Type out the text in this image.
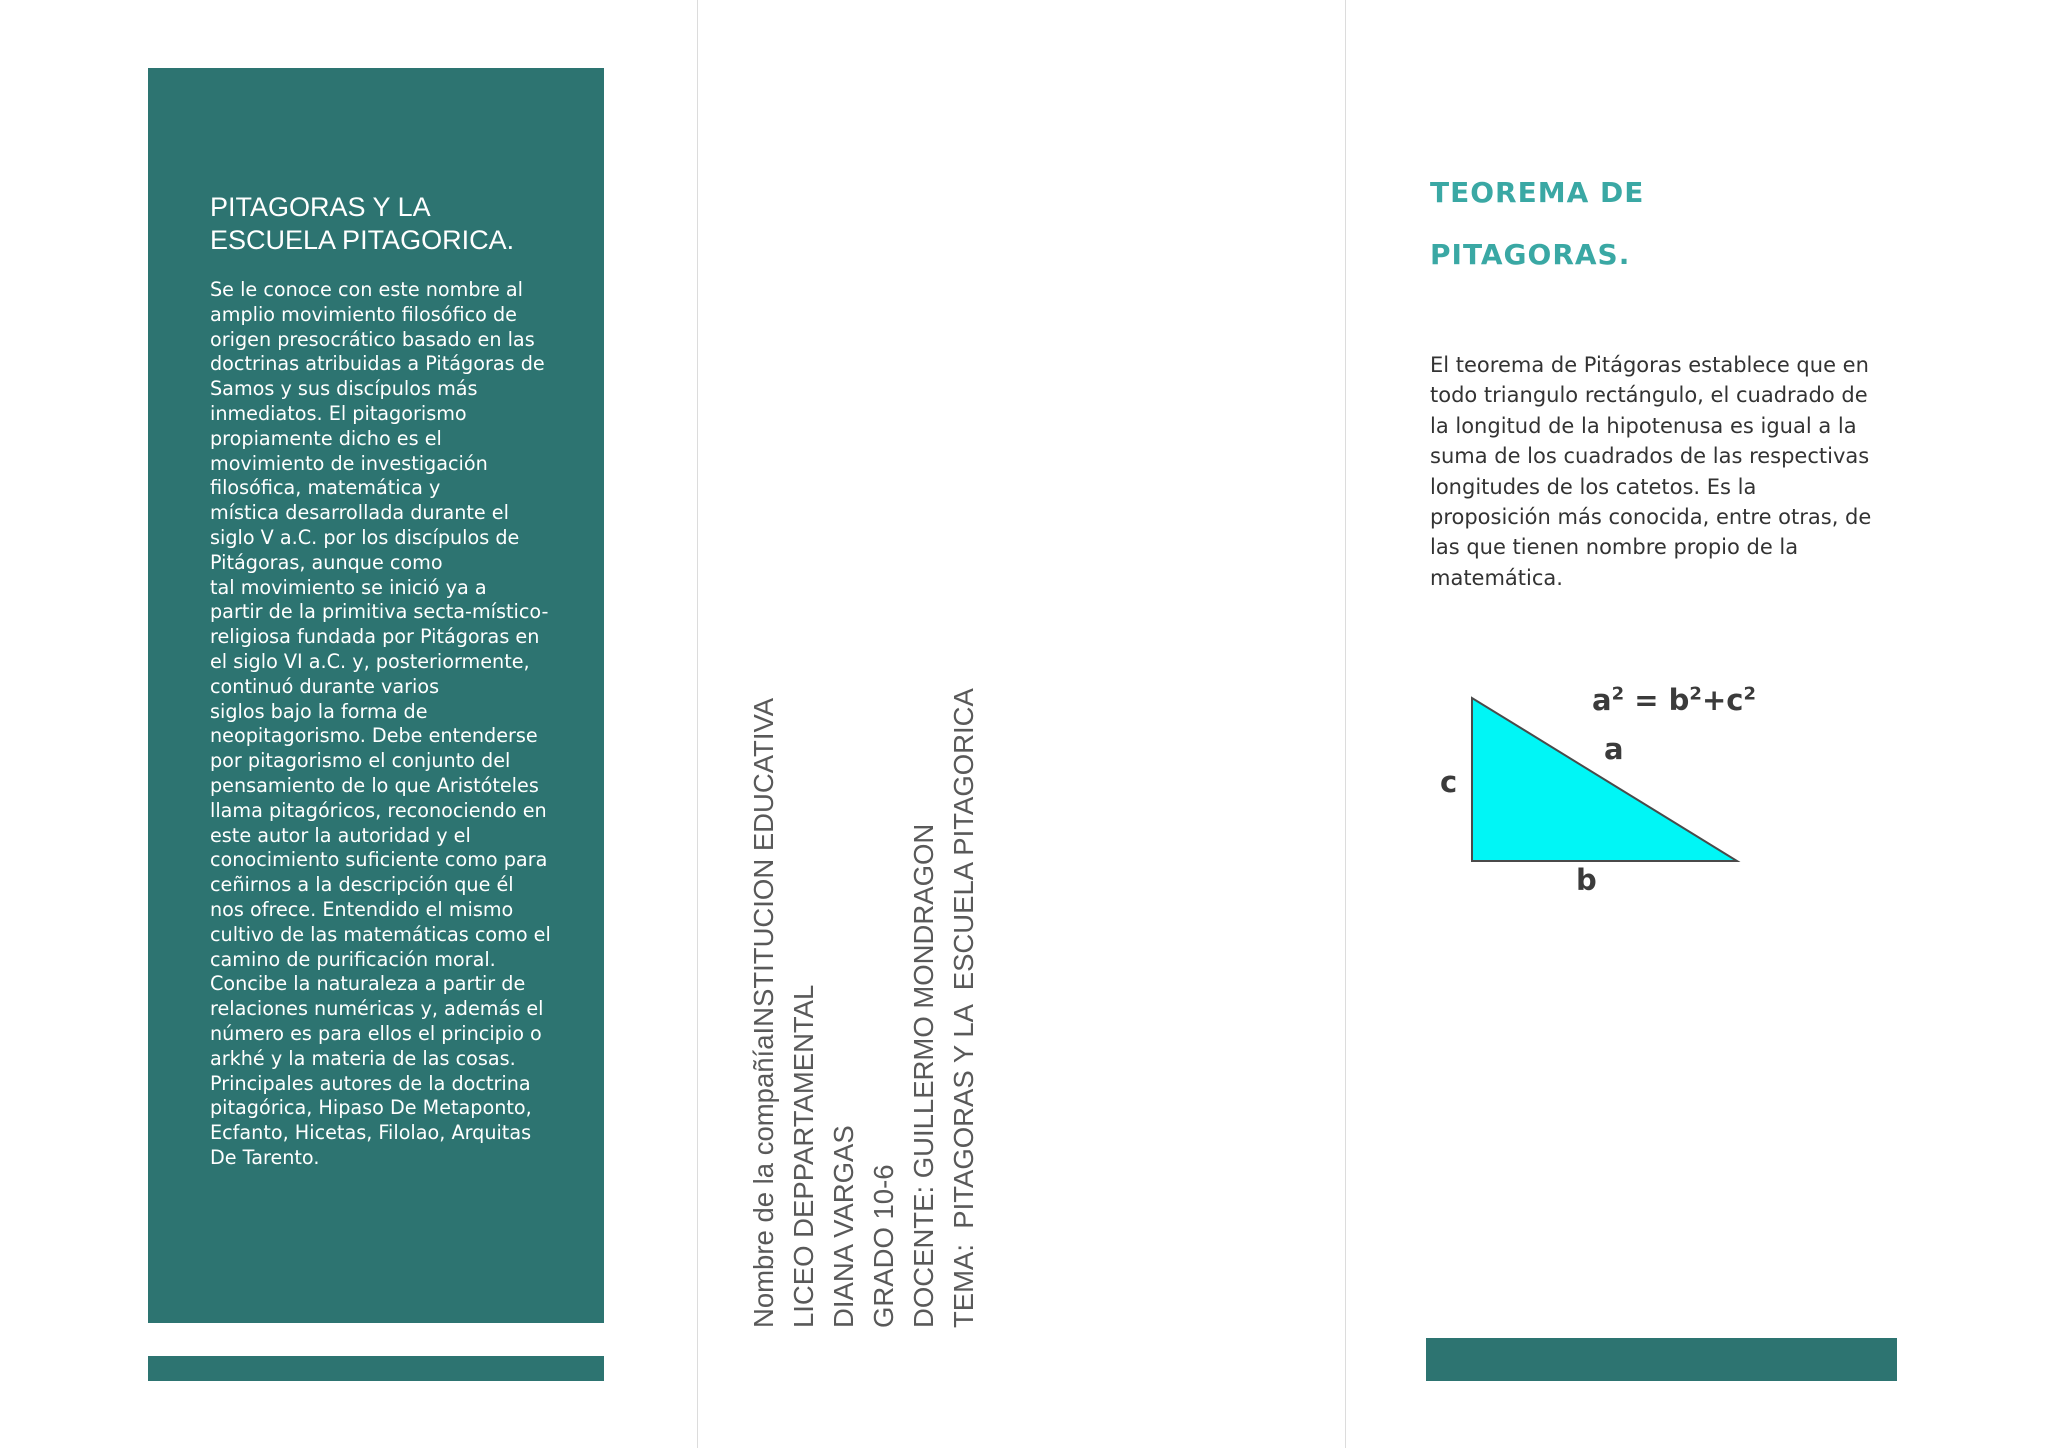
PITAGORAS Y LA
ESCUELA PITAGORICA.

Se le conoce con este nombre al
amplio movimiento filosófico de
origen presocrático basado en las
doctrinas atribuidas a Pitágoras de
Samos y sus discípulos más
inmediatos. El pitagorismo
propiamente dicho es el
movimiento de investigación
filosófica, matemática y
mística desarrollada durante el
siglo V a.C. por los discípulos de
Pitágoras, aunque como
tal movimiento se inició ya a
partir de la primitiva secta-místico-
religiosa fundada por Pitágoras en
el siglo VI a.C. y, posteriormente,
continuó durante varios
siglos bajo la forma de
neopitagorismo. Debe entenderse
por pitagorismo el conjunto del
pensamiento de lo que Aristóteles
llama pitagóricos, reconociendo en
este autor la autoridad y el
conocimiento suficiente como para
ceñirnos a la descripción que él
nos ofrece. Entendido el mismo
cultivo de las matemáticas como el
camino de purificación moral.
Concibe la naturaleza a partir de
relaciones numéricas y, además el
número es para ellos el principio o
arkhé y la materia de las cosas.
Principales autores de la doctrina
pitagórica, Hipaso De Metaponto,
Ecfanto, Hicetas, Filolao, Arquitas
De Tarento.	Nombre de la compañíaINSTITUCION EDUCATIVA LICEO DEPPARTAMENTAL DIANA VARGAS GRADO 10-6 DOCENTE: GUILLERMO MONDRAGON TEMA:  PITAGORAS Y LA  ESCUELA PITAGORICA
TEOREMA DE
PITAGORAS.

El teorema de Pitágoras establece que en
todo triangulo rectángulo, el cuadrado de
la longitud de la hipotenusa es igual a la
suma de los cuadrados de las respectivas
longitudes de los catetos. Es la
proposición más conocida, entre otras, de
las que tienen nombre propio de la
matemática.

$a^2 = b^2+c^2$
a
c
b
